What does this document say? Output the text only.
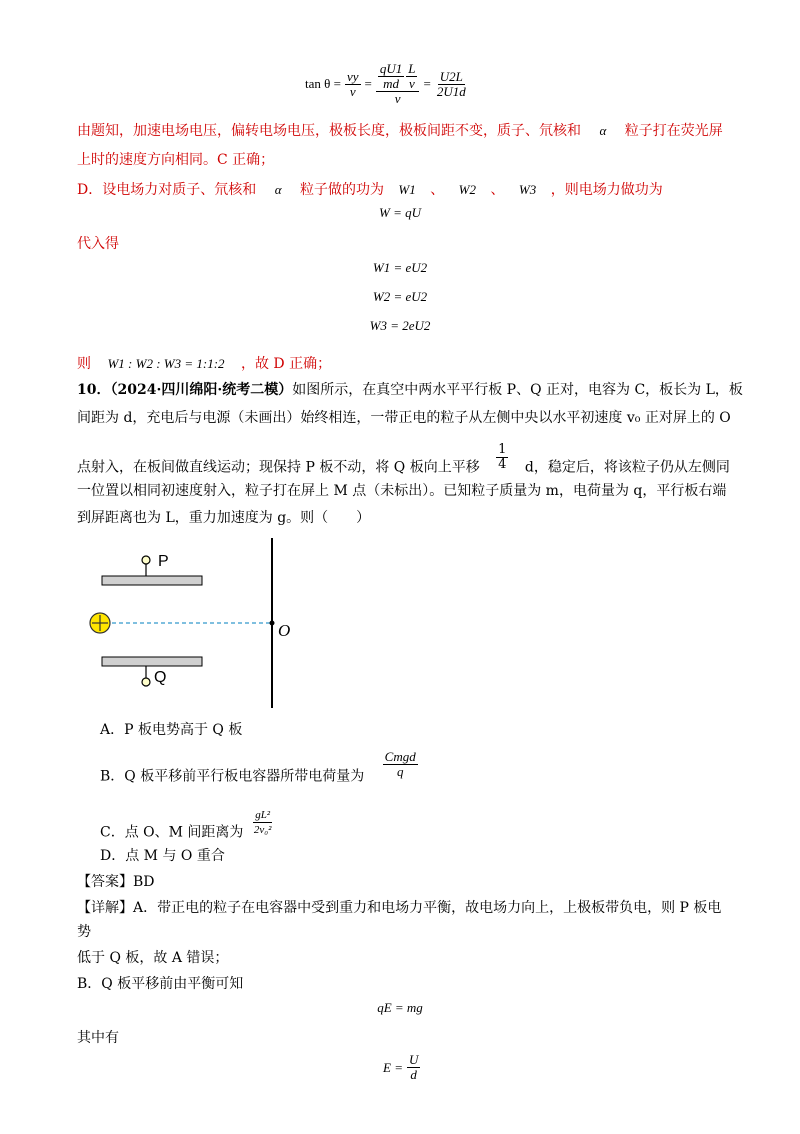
$\tan \theta = \frac{vy}{v} = \frac{\frac{qU1}{md} \frac{L}{v}}{v} = \frac{U2L}{2U1d}$
由题知，加速电场电压，偏转电场电压，极板长度，极板间距不变，质子、氘核和 α 粒子打在荧光屏
上时的速度方向相同。C 正确；
D．设电场力对质子、氘核和 α 粒子做的功为 W1 、 W2 、 W3 ，则电场力做功为
W = qU
代入得
W1 = eU2
W2 = eU2
W3 = 2eU2
则 W1 : W2 : W3 = 1:1:2 ，故 D 正确；
10．（2024·四川绵阳·统考二模）如图所示，在真空中两水平平行板 P、Q 正对，电容为 C，板长为 L，板
间距为 d，充电后与电源（未画出）始终相连，一带正电的粒子从左侧中央以水平初速度 v₀ 正对屏上的 O
点射入，在板间做直线运动；现保持 P 板不动，将 Q 板向上平移 $\frac{1}{4}$ d，稳定后，将该粒子仍从左侧同
一位置以相同初速度射入，粒子打在屏上 M 点（未标出）。已知粒子质量为 m，电荷量为 q，平行板右端
到屏距离也为 L，重力加速度为 g。则（　　）
P
Q
O
A．P 板电势高于 Q 板
B．Q 板平移前平行板电容器所带电荷量为 $\frac{\text{Cmgd}}{q}$
C．点 O、M 间距离为 $\frac{\text{gL²}}{\text{2v₀²}}$
D．点 M 与 O 重合
【答案】BD
【详解】A．带正电的粒子在电容器中受到重力和电场力平衡，故电场力向上，上极板带负电，则 P 板电
势
低于 Q 板，故 A 错误；
B．Q 板平移前由平衡可知
qE = mg
其中有
$E = \frac{U}{d}$
